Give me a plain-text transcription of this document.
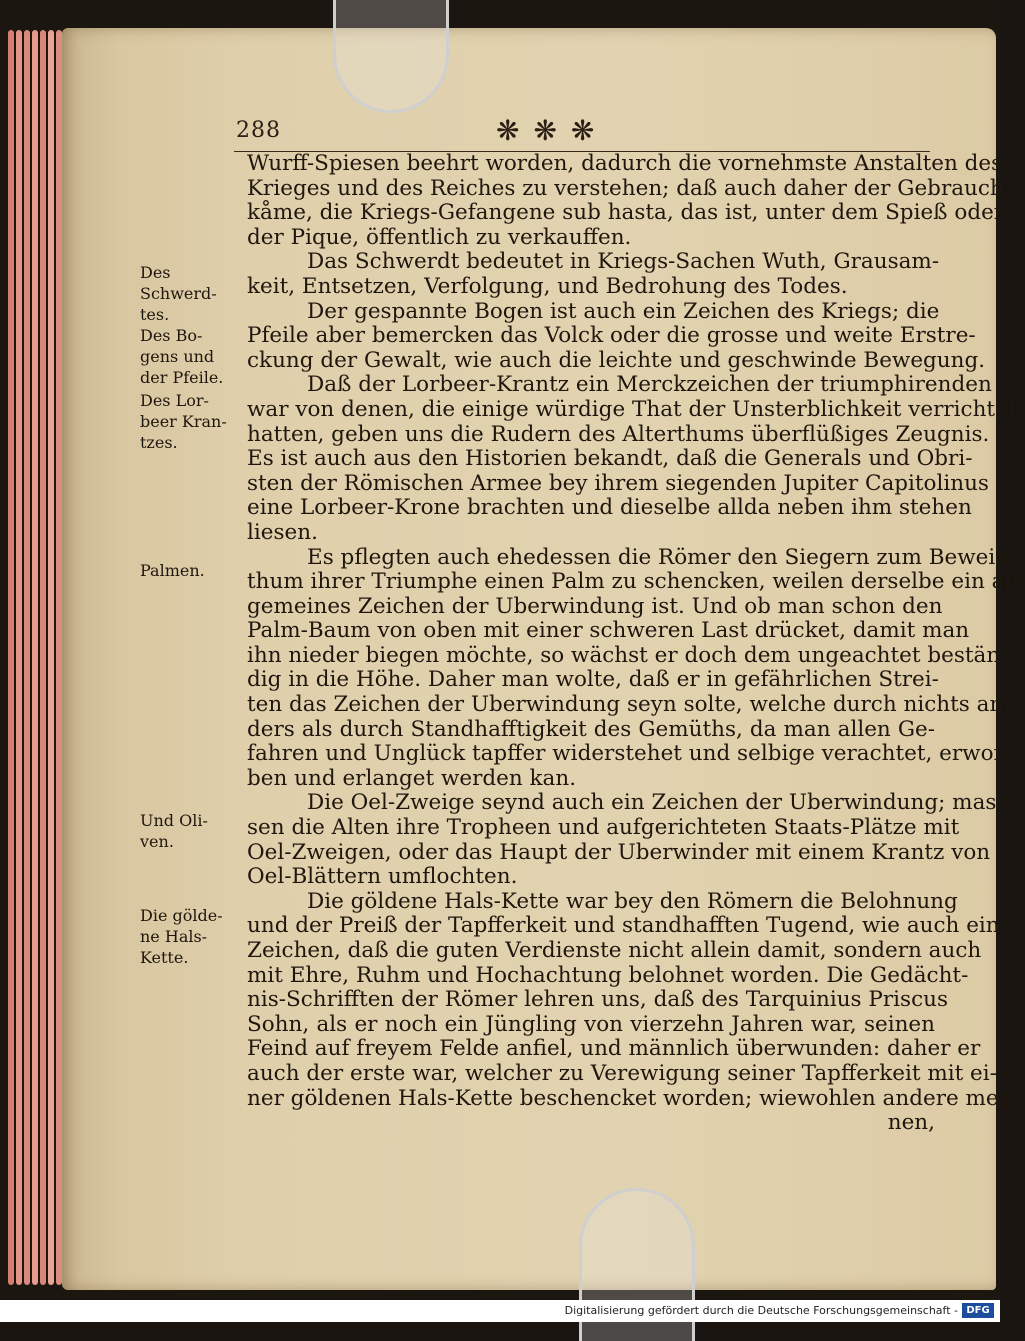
288	❋❋❋
Wurff-Spiesen beehrt worden, dadurch die vornehmste Anstalten des
Krieges und des Reiches zu verstehen; daß auch daher der Gebrauch
kåme, die Kriegs-Gefangene sub hasta, das ist, unter dem Spieß oder
der Pique, öffentlich zu verkauffen.
Das Schwerdt bedeutet in Kriegs-Sachen Wuth, Grausam-
keit, Entsetzen, Verfolgung, und Bedrohung des Todes.
Der gespannte Bogen ist auch ein Zeichen des Kriegs; die
Pfeile aber bemercken das Volck oder die grosse und weite Erstre-
ckung der Gewalt, wie auch die leichte und geschwinde Bewegung.
Daß der Lorbeer-Krantz ein Merckzeichen der triumphirenden
war von denen, die einige würdige That der Unsterblichkeit verrichtet
hatten, geben uns die Rudern des Alterthums überflüßiges Zeugnis.
Es ist auch aus den Historien bekandt, daß die Generals und Obri-
sten der Römischen Armee bey ihrem siegenden Jupiter Capitolinus
eine Lorbeer-Krone brachten und dieselbe allda neben ihm stehen
liesen.
Es pflegten auch ehedessen die Römer den Siegern zum Beweis-
thum ihrer Triumphe einen Palm zu schencken, weilen derselbe ein all-
gemeines Zeichen der Uberwindung ist. Und ob man schon den
Palm-Baum von oben mit einer schweren Last drücket, damit man
ihn nieder biegen möchte, so wächst er doch dem ungeachtet bestän-
dig in die Höhe. Daher man wolte, daß er in gefährlichen Strei-
ten das Zeichen der Uberwindung seyn solte, welche durch nichts an-
ders als durch Standhafftigkeit des Gemüths, da man allen Ge-
fahren und Unglück tapffer widerstehet und selbige verachtet, erwor-
ben und erlanget werden kan.
Die Oel-Zweige seynd auch ein Zeichen der Uberwindung; mas-
sen die Alten ihre Tropheen und aufgerichteten Staats-Plätze mit
Oel-Zweigen, oder das Haupt der Uberwinder mit einem Krantz von
Oel-Blättern umflochten.
Die göldene Hals-Kette war bey den Römern die Belohnung
und der Preiß der Tapfferkeit und standhafften Tugend, wie auch ein
Zeichen, daß die guten Verdienste nicht allein damit, sondern auch
mit Ehre, Ruhm und Hochachtung belohnet worden. Die Gedächt-
nis-Schrifften der Römer lehren uns, daß des Tarquinius Priscus
Sohn, als er noch ein Jüngling von vierzehn Jahren war, seinen
Feind auf freyem Felde anfiel, und männlich überwunden: daher er
auch der erste war, welcher zu Verewigung seiner Tapfferkeit mit ei-
ner göldenen Hals-Kette beschencket worden; wiewohlen andere mey-
nen,
Des
Schwerd-
tes.
Des Bo-
gens und
der Pfeile.
Des Lor-
beer Kran-
tzes.
Palmen.
Und Oli-
ven.
Die gölde-
ne Hals-
Kette.
Digitalisierung gefördert durch die Deutsche Forschungsgemeinschaft - DFG
